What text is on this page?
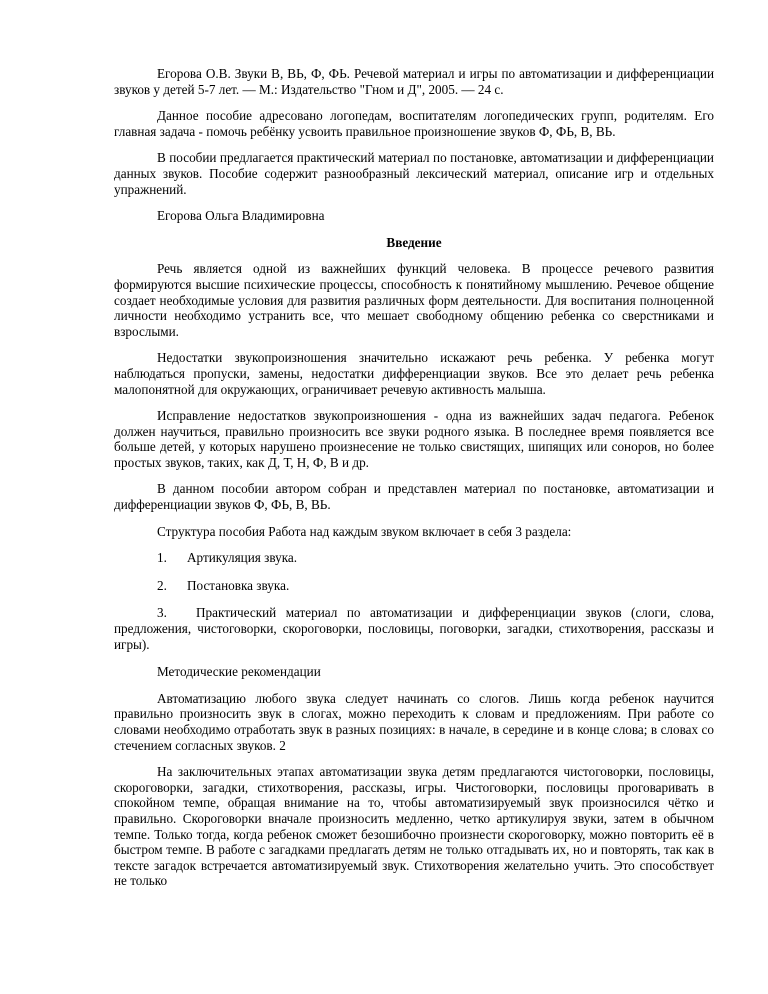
Егорова О.В. Звуки В, ВЬ, Ф, ФЬ. Речевой материал и игры по автоматизации и дифференциации звуков у детей 5-7 лет. — М.: Издательство "Гном и Д", 2005. — 24 с.

Данное пособие адресовано логопедам, воспитателям логопедических групп, родителям. Его главная задача - помочь ребёнку усвоить правильное произношение звуков Ф, ФЬ, В, ВЬ.

В пособии предлагается практический материал по постановке, автоматизации и дифференциации данных звуков. Пособие содержит разнообразный лексический материал, описание игр и отдельных упражнений.

Егорова Ольга Владимировна

Введение

Речь является одной из важнейших функций человека. В процессе речевого развития формируются высшие психические процессы, способность к понятийному мышлению. Речевое общение создает необходимые условия для развития различных форм деятельности. Для воспитания полноценной личности необходимо устранить все, что мешает свободному общению ребенка со сверстниками и взрослыми.

Недостатки звукопроизношения значительно искажают речь ребенка. У ребенка могут наблюдаться пропуски, замены, недостатки дифференциации звуков. Все это делает речь ребенка малопонятной для окружающих, ограничивает речевую активность малыша.

Исправление недостатков звукопроизношения - одна из важнейших задач педагога. Ребенок должен научиться, правильно произносить все звуки родного языка. В последнее время появляется все больше детей, у которых нарушено произнесение не только свистящих, шипящих или соноров, но более простых звуков, таких, как Д, Т, Н, Ф, В и др.

В данном пособии автором собран и представлен материал по постановке, автоматизации и дифференциации звуков Ф, ФЬ, В, ВЬ.

Структура пособия Работа над каждым звуком включает в себя 3 раздела:

1. Артикуляция звука.
2. Постановка звука.
3. Практический материал по автоматизации и дифференциации звуков (слоги, слова, предложения, чистоговорки, скороговорки, пословицы, поговорки, загадки, стихотворения, рассказы и игры).

Методические рекомендации

Автоматизацию любого звука следует начинать со слогов. Лишь когда ребенок научится правильно произносить звук в слогах, можно переходить к словам и предложениям. При работе со словами необходимо отработать звук в разных позициях: в начале, в середине и в конце слова; в словах со стечением согласных звуков. 2

На заключительных этапах автоматизации звука детям предлагаются чистоговорки, пословицы, скороговорки, загадки, стихотворения, рассказы, игры. Чистоговорки, пословицы проговаривать в спокойном темпе, обращая внимание на то, чтобы автоматизируемый звук произносился чётко и правильно. Скороговорки вначале произносить медленно, четко артикулируя звуки, затем в обычном темпе. Только тогда, когда ребенок сможет безошибочно произнести скороговорку, можно повторить её в быстром темпе. В работе с загадками предлагать детям не только отгадывать их, но и повторять, так как в тексте загадок встречается автоматизируемый звук. Стихотворения желательно учить. Это способствует не только
